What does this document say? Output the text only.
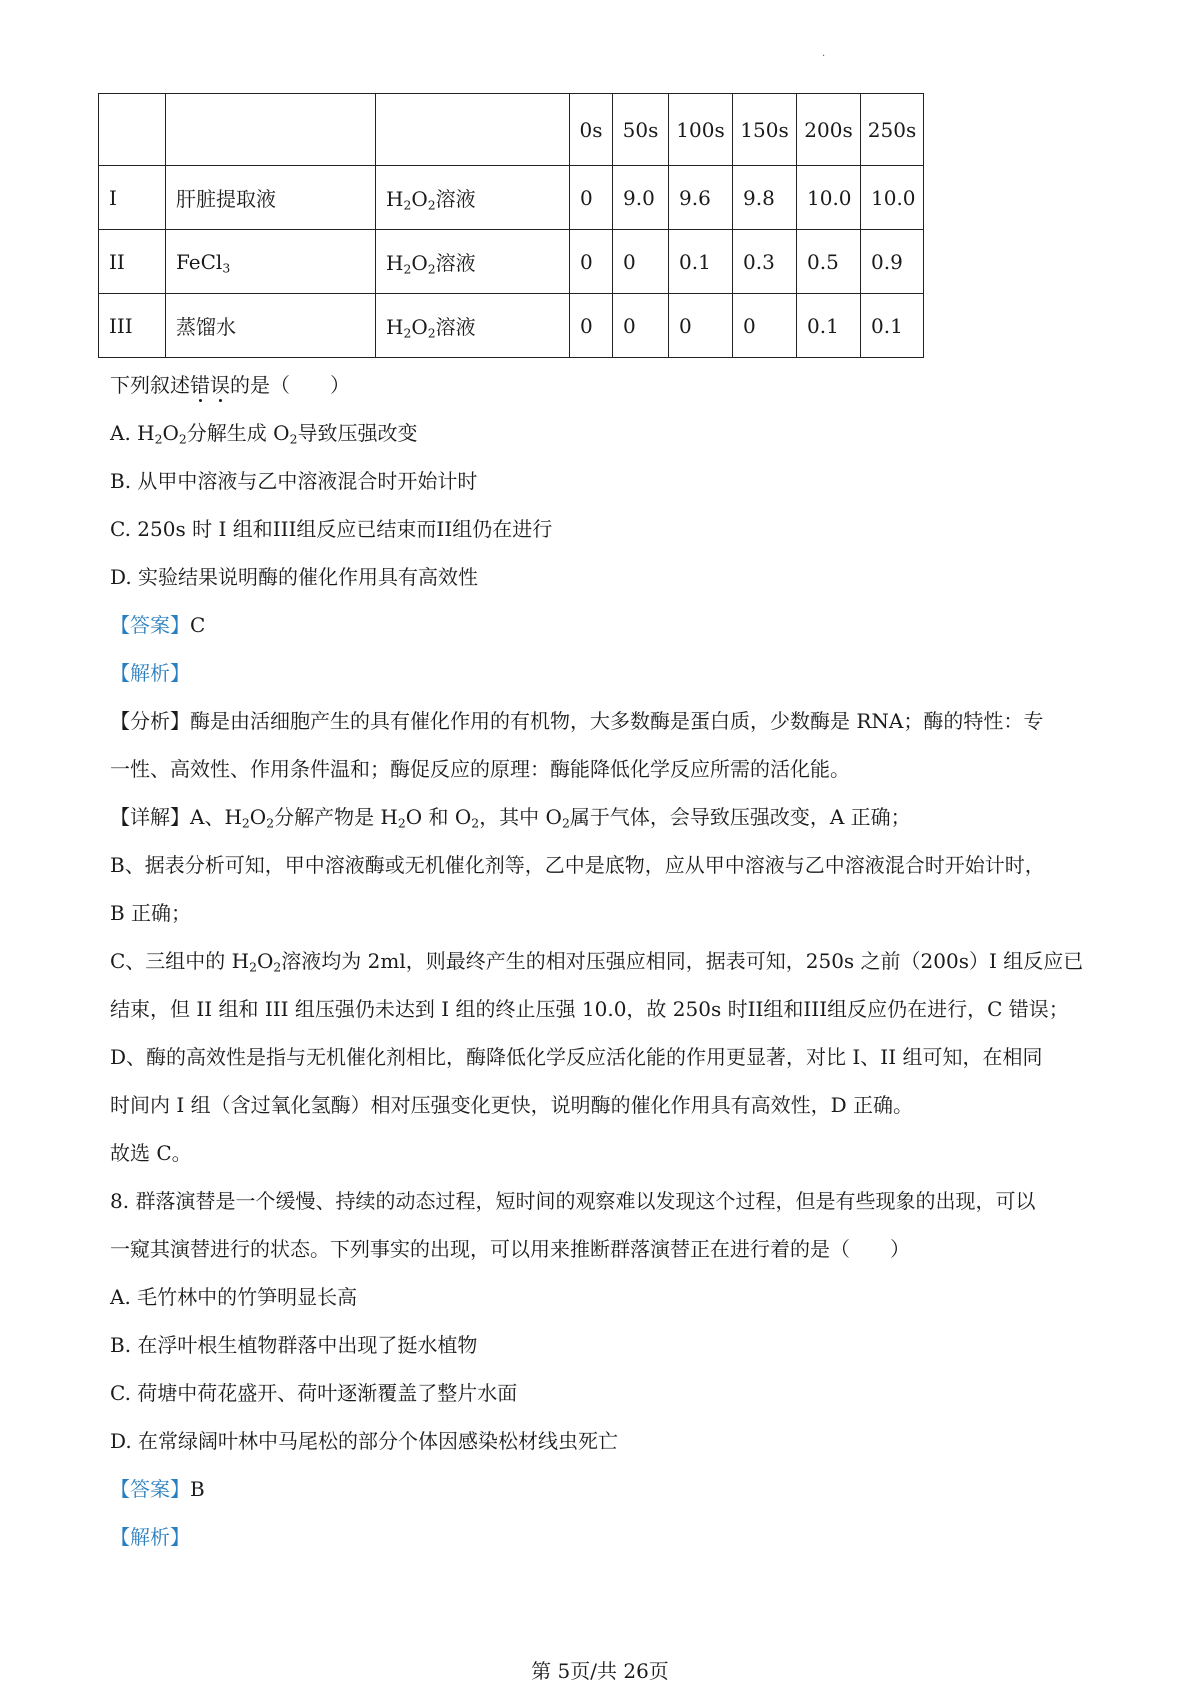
.
			0s	50s	100s	150s	200s	250s
I	肝脏提取液	$H_2O_2$溶液	0	9.0	9.6	9.8	10.0	10.0
II	FeCl$_3$	$H_2O_2$溶液	0	0	0.1	0.3	0.5	0.9
III	蒸馏水	$H_2O_2$溶液	0	0	0	0	0.1	0.1

下列叙述错误的是（　　）

A. $H_2O_2$分解生成 $O_2$导致压强改变

B. 从甲中溶液与乙中溶液混合时开始计时

C. 250s 时 I 组和III组反应已结束而II组仍在进行

D. 实验结果说明酶的催化作用具有高效性

【答案】C

【解析】

【分析】酶是由活细胞产生的具有催化作用的有机物，大多数酶是蛋白质，少数酶是 RNA；酶的特性：专

一性、高效性、作用条件温和；酶促反应的原理：酶能降低化学反应所需的活化能。

【详解】A、$H_2O_2$分解产物是 $H_2O$ 和 $O_2$，其中 $O_2$属于气体，会导致压强改变，A 正确；

B、据表分析可知，甲中溶液酶或无机催化剂等，乙中是底物，应从甲中溶液与乙中溶液混合时开始计时，

B 正确；

C、三组中的 $H_2O_2$溶液均为 2ml，则最终产生的相对压强应相同，据表可知，250s 之前（200s）I 组反应已

结束，但 II 组和 III 组压强仍未达到 I 组的终止压强 10.0，故 250s 时II组和III组反应仍在进行，C 错误；

D、酶的高效性是指与无机催化剂相比，酶降低化学反应活化能的作用更显著，对比 I、II 组可知，在相同

时间内 I 组（含过氧化氢酶）相对压强变化更快，说明酶的催化作用具有高效性，D 正确。

故选 C。

8. 群落演替是一个缓慢、持续的动态过程，短时间的观察难以发现这个过程，但是有些现象的出现，可以

一窥其演替进行的状态。下列事实的出现，可以用来推断群落演替正在进行着的是（　　）

A. 毛竹林中的竹笋明显长高

B. 在浮叶根生植物群落中出现了挺水植物

C. 荷塘中荷花盛开、荷叶逐渐覆盖了整片水面

D. 在常绿阔叶林中马尾松的部分个体因感染松材线虫死亡

【答案】B

【解析】

第 5页/共 26页
